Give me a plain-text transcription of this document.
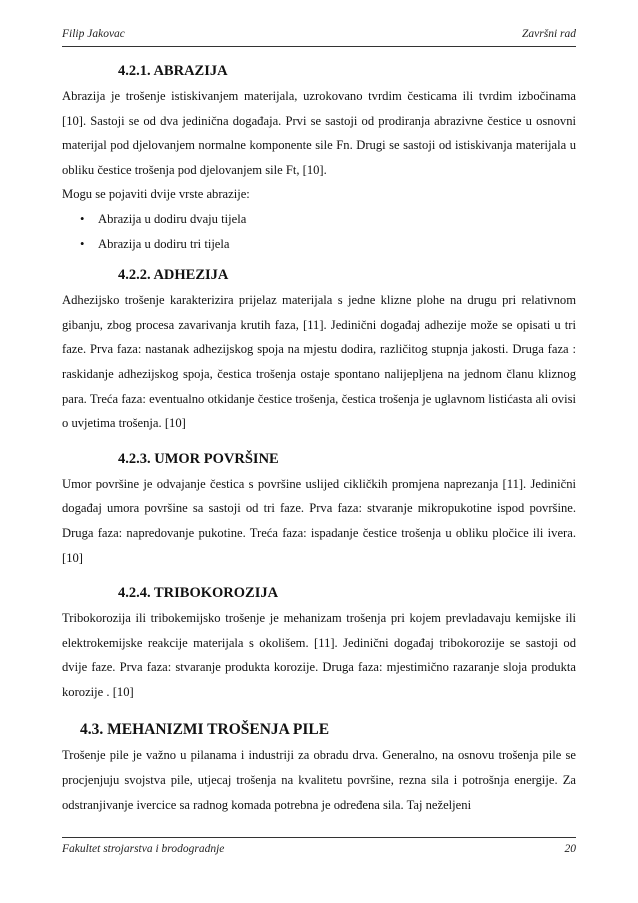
Filip Jakovac	Završni rad
4.2.1. ABRAZIJA

Abrazija je trošenje istiskivanjem materijala, uzrokovano tvrdim česticama ili tvrdim izbočinama [10]. Sastoji se od dva jedinična događaja. Prvi se sastoji od prodiranja abrazivne čestice u osnovni materijal pod djelovanjem normalne komponente sile Fn. Drugi se sastoji od istiskivanja materijala u obliku čestice trošenja pod djelovanjem sile Ft, [10].

Mogu se pojaviti dvije vrste abrazije:

• Abrazija u dodiru dvaju tijela
• Abrazija u dodiru tri tijela
4.2.2. ADHEZIJA

Adhezijsko trošenje karakterizira prijelaz materijala s jedne klizne plohe na drugu pri relativnom gibanju, zbog procesa zavarivanja krutih faza, [11]. Jedinični događaj adhezije može se opisati u tri faze. Prva faza: nastanak adhezijskog spoja na mjestu dodira, različitog stupnja jakosti. Druga faza : raskidanje adhezijskog spoja, čestica trošenja ostaje spontano nalijepljena na jednom članu kliznog para. Treća faza: eventualno otkidanje čestice trošenja, čestica trošenja je uglavnom listićasta ali ovisi o uvjetima trošenja. [10]

4.2.3. UMOR POVRŠINE

Umor površine je odvajanje čestica s površine uslijed cikličkih promjena naprezanja [11]. Jedinični događaj umora površine sa sastoji od tri faze. Prva faza: stvaranje mikropukotine ispod površine. Druga faza: napredovanje pukotine. Treća faza: ispadanje čestice trošenja u obliku pločice ili ivera. [10]

4.2.4. TRIBOKOROZIJA

Tribokorozija ili tribokemijsko trošenje je mehanizam trošenja pri kojem prevladavaju kemijske ili elektrokemijske reakcije materijala s okolišem. [11]. Jedinični događaj tribokorozije se sastoji od dvije faze. Prva faza: stvaranje produkta korozije. Druga faza: mjestimično razaranje sloja produkta korozije . [10]

4.3. MEHANIZMI TROŠENJA PILE

Trošenje pile je važno u pilanama i industriji za obradu drva. Generalno, na osnovu trošenja pile se procjenjuju svojstva pile, utjecaj trošenja na kvalitetu površine, rezna sila i potrošnja energije. Za odstranjivanje ivercice sa radnog komada potrebna je određena sila. Taj neželjeni

Fakultet strojarstva i brodogradnje	20
